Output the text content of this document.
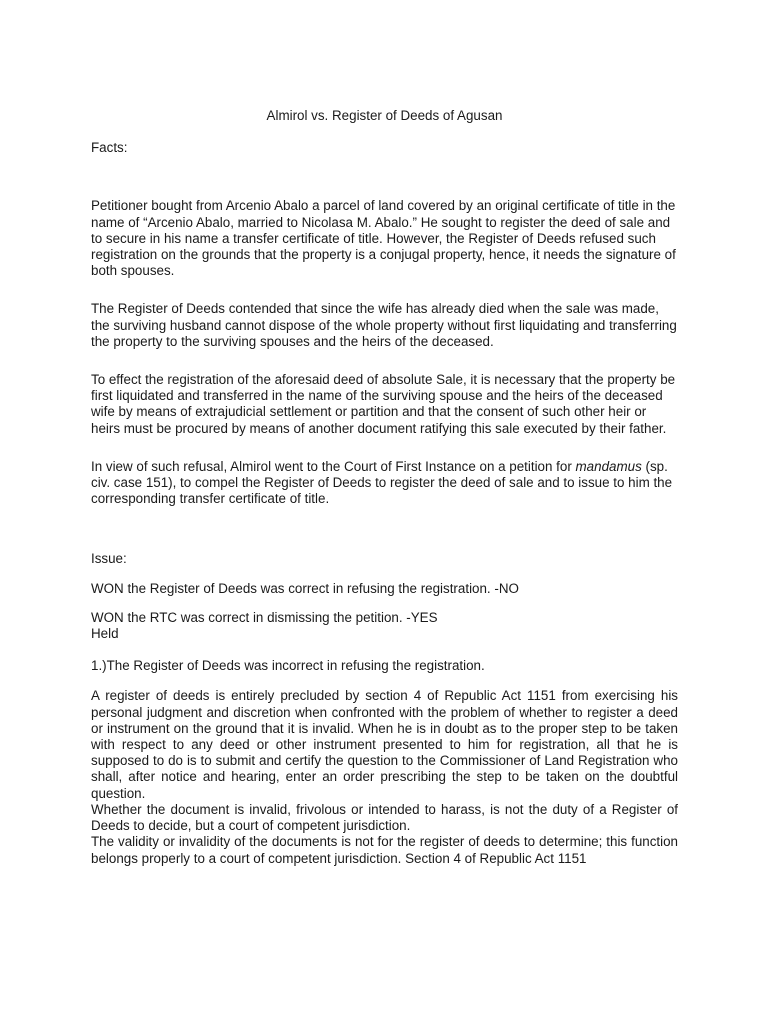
Almirol vs. Register of Deeds of Agusan

Facts:

Petitioner bought from Arcenio Abalo a parcel of land covered by an original certificate of title in the name of “Arcenio Abalo, married to Nicolasa M. Abalo.” He sought to register the deed of sale and to secure in his name a transfer certificate of title. However, the Register of Deeds refused such registration on the grounds that the property is a conjugal property, hence, it needs the signature of both spouses.

The Register of Deeds contended that since the wife has already died when the sale was made, the surviving husband cannot dispose of the whole property without first liquidating and transferring the property to the surviving spouses and the heirs of the deceased.

To effect the registration of the aforesaid deed of absolute Sale, it is necessary that the property be first liquidated and transferred in the name of the surviving spouse and the heirs of the deceased wife by means of extrajudicial settlement or partition and that the consent of such other heir or heirs must be procured by means of another document ratifying this sale executed by their father.

In view of such refusal, Almirol went to the Court of First Instance on a petition for mandamus (sp. civ. case 151), to compel the Register of Deeds to register the deed of sale and to issue to him the corresponding transfer certificate of title.

Issue:

WON the Register of Deeds was correct in refusing the registration. -NO

WON the RTC was correct in dismissing the petition. -YES

Held

1.)The Register of Deeds was incorrect in refusing the registration.

A register of deeds is entirely precluded by section 4 of Republic Act 1151 from exercising his personal judgment and discretion when confronted with the problem of whether to register a deed or instrument on the ground that it is invalid. When he is in doubt as to the proper step to be taken with respect to any deed or other instrument presented to him for registration, all that he is supposed to do is to submit and certify the question to the Commissioner of Land Registration who shall, after notice and hearing, enter an order prescribing the step to be taken on the doubtful question.

Whether the document is invalid, frivolous or intended to harass, is not the duty of a Register of Deeds to decide, but a court of competent jurisdiction.

The validity or invalidity of the documents is not for the register of deeds to determine; this function belongs properly to a court of competent jurisdiction. Section 4 of Republic Act 1151
